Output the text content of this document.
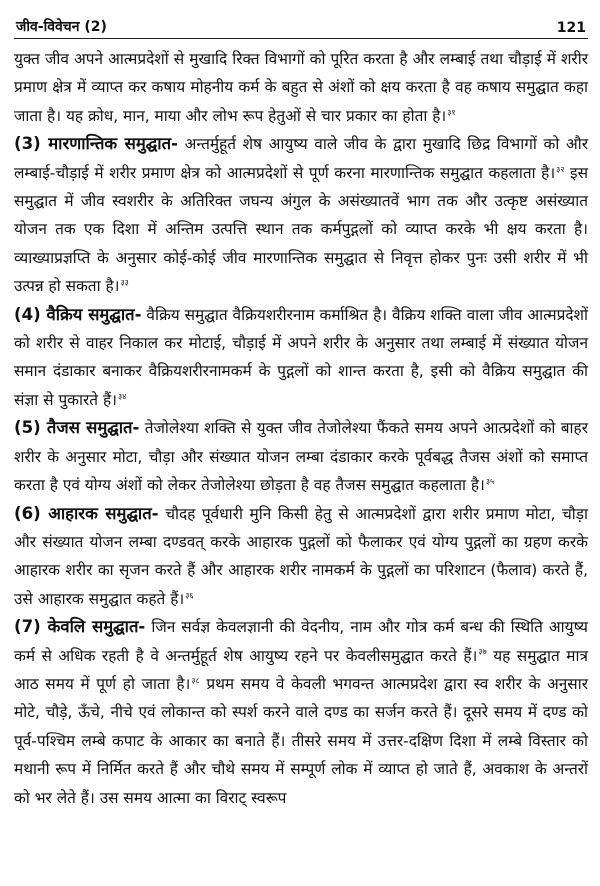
जीव-विवेचन (2)	121

युक्त जीव अपने आत्मप्रदेशों से मुखादि रिक्त विभागों को पूरित करता है और लम्बाई तथा चौड़ाई में शरीर प्रमाण क्षेत्र में व्याप्त कर कषाय मोहनीय कर्म के बहुत से अंशों को क्षय करता है वह कषाय समुद्घात कहा जाता है। यह क्रोध, मान, माया और लोभ रूप हेतुओं से चार प्रकार का होता है।$^{३१}$

(3) मारणान्तिक समुद्घात- अन्तर्मुहूर्त शेष आयुष्य वाले जीव के द्वारा मुखादि छिद्र विभागों को और लम्बाई-चौड़ाई में शरीर प्रमाण क्षेत्र को आत्मप्रदेशों से पूर्ण करना मारणान्तिक समुद्घात कहलाता है।$^{३२}$ इस समुद्घात में जीव स्वशरीर के अतिरिक्त जघन्य अंगुल के असंख्यातवें भाग तक और उत्कृष्ट असंख्यात योजन तक एक दिशा में अन्तिम उत्पत्ति स्थान तक कर्मपुद्गलों को व्याप्त करके भी क्षय करता है। व्याख्याप्रज्ञप्ति के अनुसार कोई-कोई जीव मारणान्तिक समुद्घात से निवृत्त होकर पुनः उसी शरीर में भी उत्पन्न हो सकता है।$^{३३}$

(4) वैक्रिय समुद्घात- वैक्रिय समुद्घात वैक्रियशरीरनाम कर्माश्रित है। वैक्रिय शक्ति वाला जीव आत्मप्रदेशों को शरीर से वाहर निकाल कर मोटाई, चौड़ाई में अपने शरीर के अनुसार तथा लम्बाई में संख्यात योजन समान दंडाकार बनाकर वैक्रियशरीरनामकर्म के पुद्गलों को शान्त करता है, इसी को वैक्रिय समुद्घात की संज्ञा से पुकारते हैं।$^{३४}$

(5) तैजस समुद्घात- तेजोलेश्या शक्ति से युक्त जीव तेजोलेश्या फैंकते समय अपने आत्प्रदेशों को बाहर शरीर के अनुसार मोटा, चौड़ा और संख्यात योजन लम्बा दंडाकार करके पूर्वबद्ध तैजस अंशों को समाप्त करता है एवं योग्य अंशों को लेकर तेजोलेश्या छोड़ता है वह तैजस समुद्घात कहलाता है।$^{३५}$

(6) आहारक समुद्घात- चौदह पूर्वधारी मुनि किसी हेतु से आत्मप्रदेशों द्वारा शरीर प्रमाण मोटा, चौड़ा और संख्यात योजन लम्बा दण्डवत् करके आहारक पुद्गलों को फैलाकर एवं योग्य पुद्गलों का ग्रहण करके आहारक शरीर का सृजन करते हैं और आहारक शरीर नामकर्म के पुद्गलों का परिशाटन (फैलाव) करते हैं, उसे आहारक समुद्घात कहते हैं।$^{३६}$

(7) केवलि समुद्घात- जिन सर्वज्ञ केवलज्ञानी की वेदनीय, नाम और गोत्र कर्म बन्ध की स्थिति आयुष्य कर्म से अधिक रहती है वे अन्तर्मुहूर्त शेष आयुष्य रहने पर केवलीसमुद्घात करते हैं।$^{३७}$ यह समुद्घात मात्र आठ समय में पूर्ण हो जाता है।$^{३८}$ प्रथम समय वे केवली भगवन्त आत्मप्रदेश द्वारा स्व शरीर के अनुसार मोटे, चौड़े, ऊँचे, नीचे एवं लोकान्त को स्पर्श करने वाले दण्ड का सर्जन करते हैं। दूसरे समय में दण्ड को पूर्व-पश्चिम लम्बे कपाट के आकार का बनाते हैं। तीसरे समय में उत्तर-दक्षिण दिशा में लम्बे विस्तार को मथानी रूप में निर्मित करते हैं और चौथे समय में सम्पूर्ण लोक में व्याप्त हो जाते हैं, अवकाश के अन्तरों को भर लेते हैं। उस समय आत्मा का विराट् स्वरूप
